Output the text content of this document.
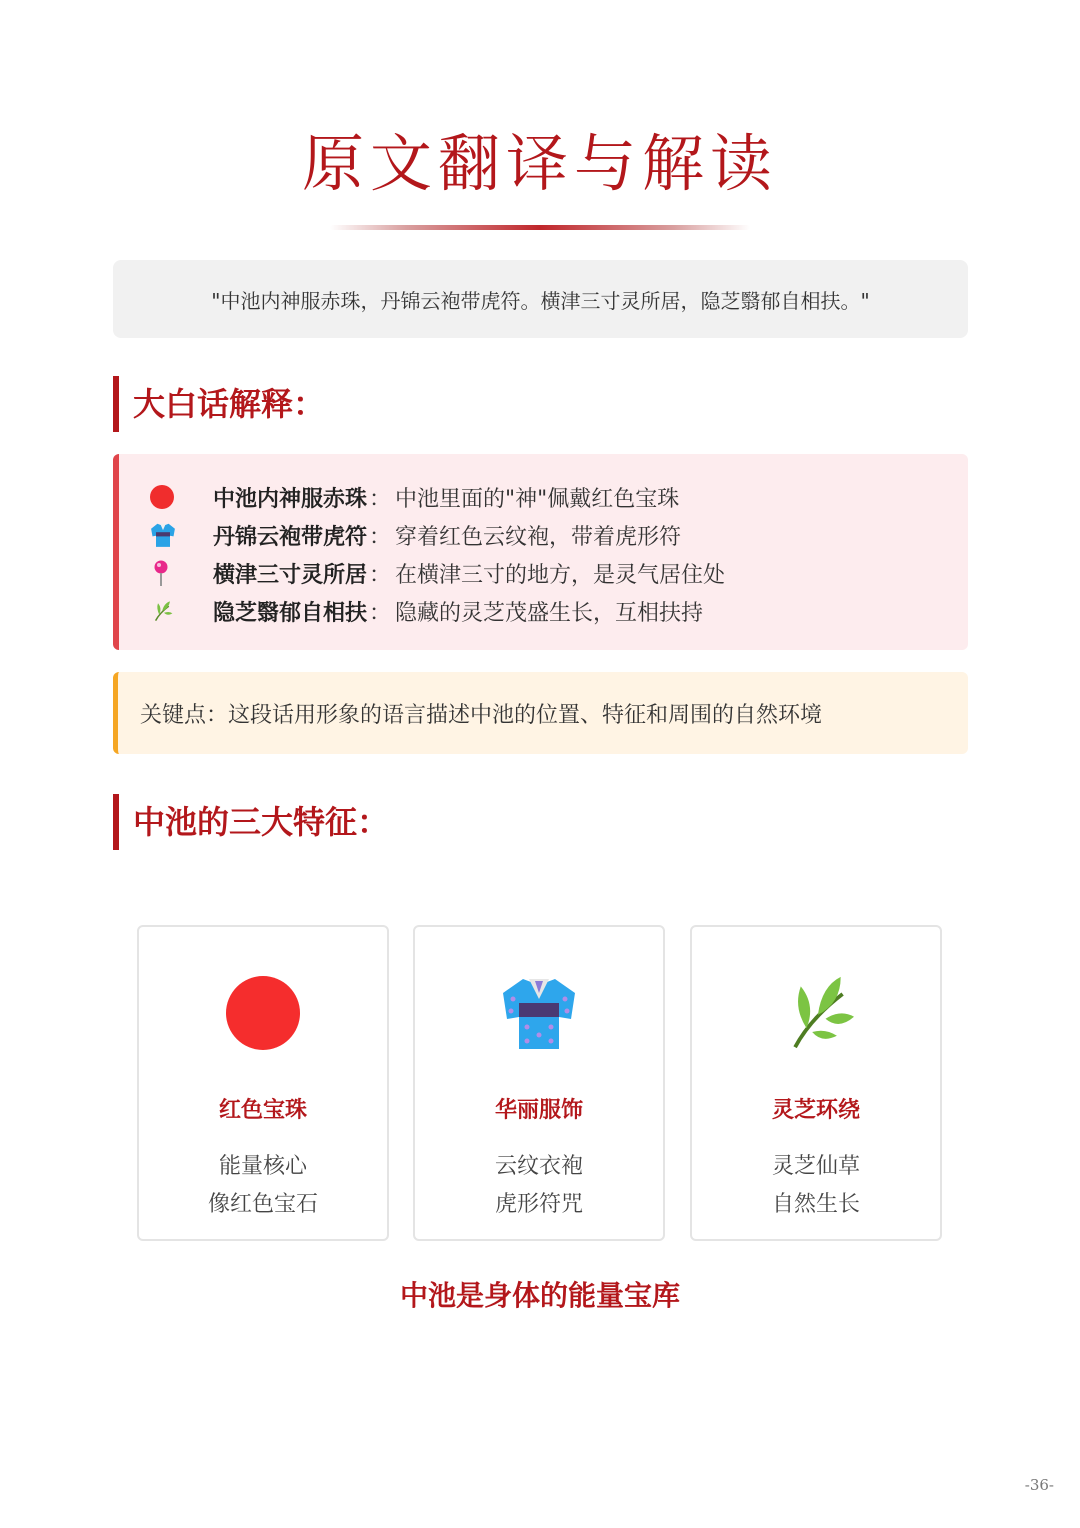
原文翻译与解读
"中池内神服赤珠，丹锦云袍带虎符。横津三寸灵所居，隐芝翳郁自相扶。"
大白话解释：
中池内神服赤珠 ： 中池里面的"神"佩戴红色宝珠
丹锦云袍带虎符 ： 穿着红色云纹袍，带着虎形符
横津三寸灵所居 ： 在横津三寸的地方，是灵气居住处
隐芝翳郁自相扶 ： 隐藏的灵芝茂盛生长，互相扶持
关键点：这段话用形象的语言描述中池的位置、特征和周围的自然环境
中池的三大特征：
红色宝珠
能量核心
像红色宝石
华丽服饰
云纹衣袍
虎形符咒
灵芝环绕
灵芝仙草
自然生长
中池是身体的能量宝库
-36-
